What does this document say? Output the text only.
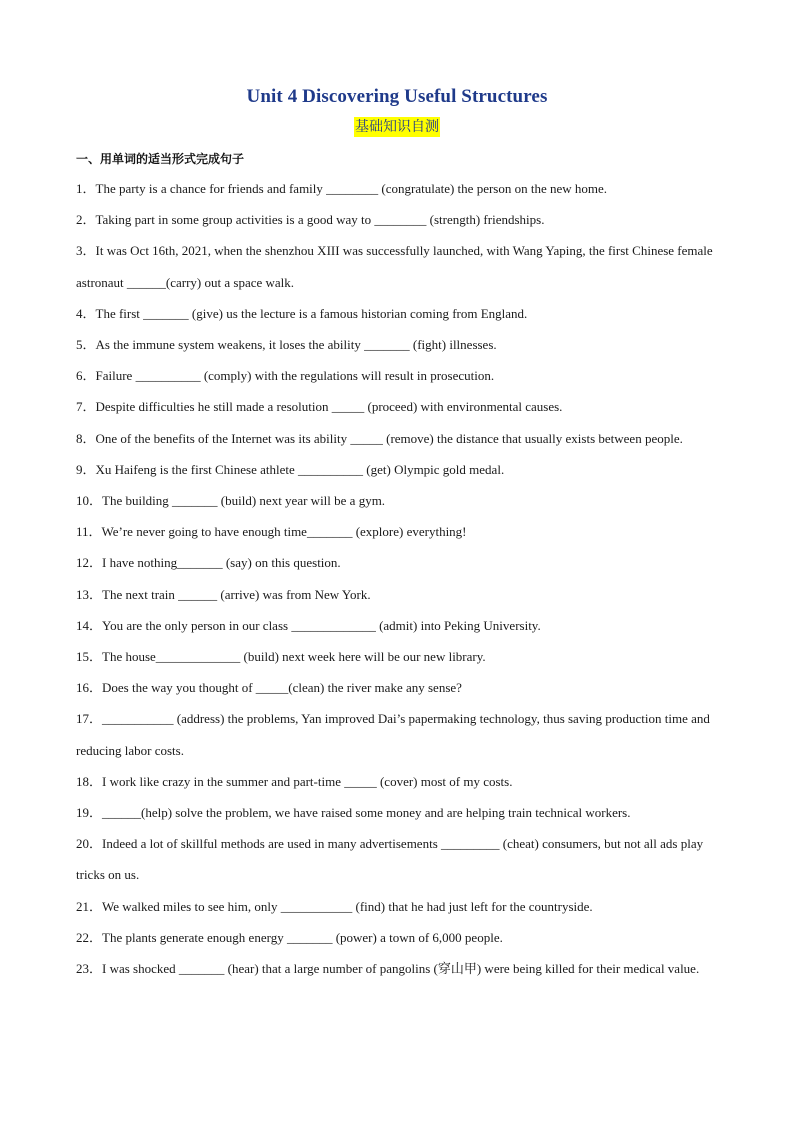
Unit 4 Discovering Useful Structures
基础知识自测
一、用单词的适当形式完成句子
1．The party is a chance for friends and family ________ (congratulate) the person on the new home.
2．Taking part in some group activities is a good way to ________ (strength) friendships.
3．It was Oct 16th, 2021, when the shenzhou XIII was successfully launched, with Wang Yaping, the first Chinese female astronaut ______(carry) out a space walk.
4．The first _______ (give) us the lecture is a famous historian coming from England.
5．As the immune system weakens, it loses the ability _______ (fight) illnesses.
6．Failure __________ (comply) with the regulations will result in prosecution.
7．Despite difficulties he still made a resolution _____ (proceed) with environmental causes.
8．One of the benefits of the Internet was its ability _____ (remove) the distance that usually exists between people.
9．Xu Haifeng is the first Chinese athlete __________ (get) Olympic gold medal.
10．The building _______ (build) next year will be a gym.
11．We’re never going to have enough time_______ (explore) everything!
12．I have nothing_______ (say) on this question.
13．The next train ______ (arrive) was from New York.
14．You are the only person in our class _____________ (admit) into Peking University.
15．The house_____________ (build) next week here will be our new library.
16．Does the way you thought of _____(clean) the river make any sense?
17．___________ (address) the problems, Yan improved Dai’s papermaking technology, thus saving production time and reducing labor costs.
18．I work like crazy in the summer and part-time _____ (cover) most of my costs.
19．______(help) solve the problem, we have raised some money and are helping train technical workers.
20．Indeed a lot of skillful methods are used in many advertisements _________ (cheat) consumers, but not all ads play tricks on us.
21．We walked miles to see him, only ___________ (find) that he had just left for the countryside.
22．The plants generate enough energy _______ (power) a town of 6,000 people.
23．I was shocked _______ (hear) that a large number of pangolins (穿山甲) were being killed for their medical value.
